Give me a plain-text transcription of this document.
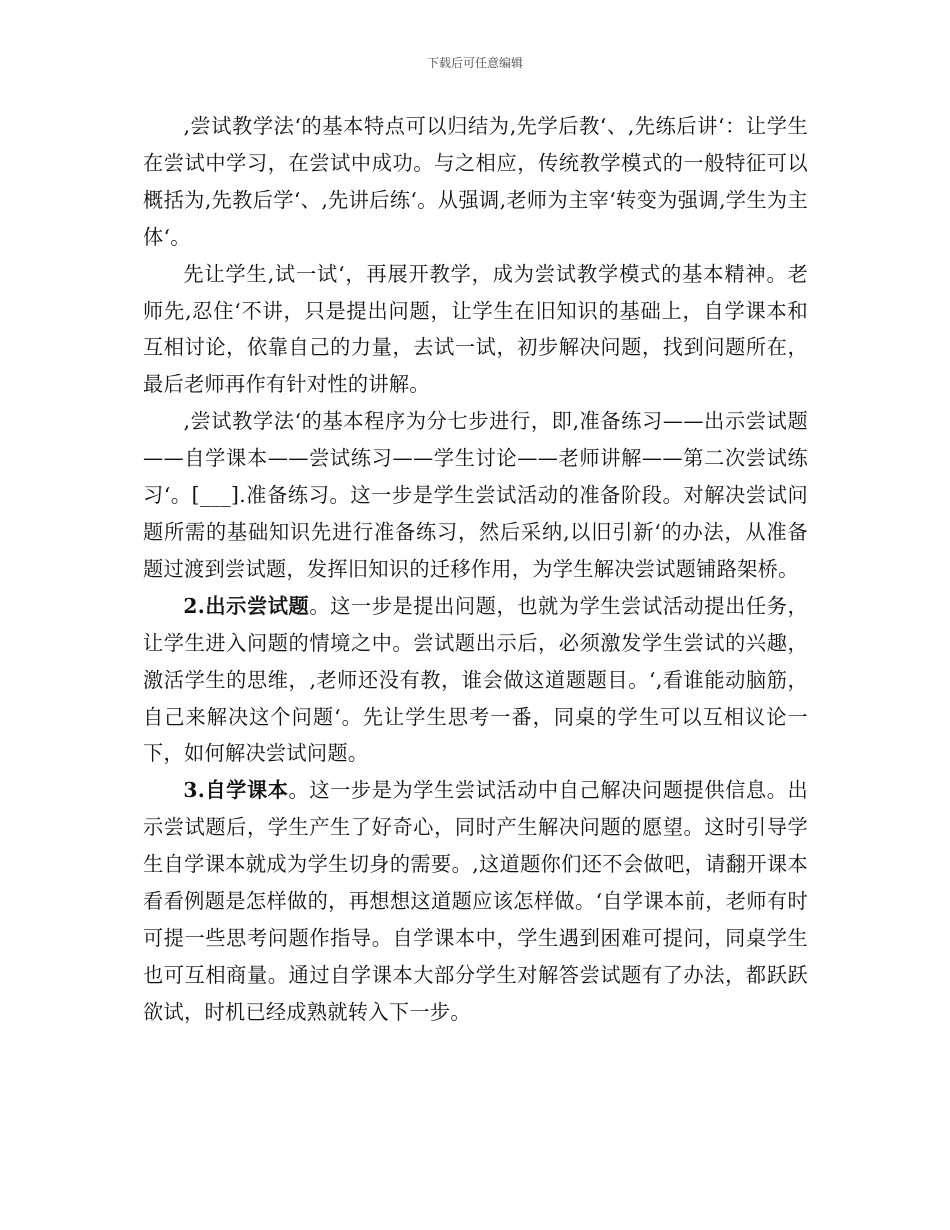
下载后可任意编辑

‚尝试教学法‘的基本特点可以归结为‚先学后教‘、‚先练后讲‘：让学生在尝试中学习，在尝试中成功。与之相应，传统教学模式的一般特征可以概括为‚先教后学‘、‚先讲后练‘。从强调‚老师为主宰‘转变为强调‚学生为主体‘。

先让学生‚试一试‘，再展开教学，成为尝试教学模式的基本精神。老师先‚忍住‘不讲，只是提出问题，让学生在旧知识的基础上，自学课本和互相讨论，依靠自己的力量，去试一试，初步解决问题，找到问题所在，最后老师再作有针对性的讲解。

‚尝试教学法‘的基本程序为分七步进行，即‚准备练习——出示尝试题——自学课本——尝试练习——学生讨论——老师讲解——第二次尝试练习‘。[___].准备练习。这一步是学生尝试活动的准备阶段。对解决尝试问题所需的基础知识先进行准备练习，然后采纳‚以旧引新‘的办法，从准备题过渡到尝试题，发挥旧知识的迁移作用，为学生解决尝试题铺路架桥。

2.出示尝试题。这一步是提出问题，也就为学生尝试活动提出任务，让学生进入问题的情境之中。尝试题出示后，必须激发学生尝试的兴趣，激活学生的思维，‚老师还没有教，谁会做这道题题目。‘‚看谁能动脑筋，自己来解决这个问题‘。先让学生思考一番，同桌的学生可以互相议论一下，如何解决尝试问题。

3.自学课本。这一步是为学生尝试活动中自己解决问题提供信息。出示尝试题后，学生产生了好奇心，同时产生解决问题的愿望。这时引导学生自学课本就成为学生切身的需要。‚这道题你们还不会做吧，请翻开课本看看例题是怎样做的，再想想这道题应该怎样做。‘自学课本前，老师有时可提一些思考问题作指导。自学课本中，学生遇到困难可提问，同桌学生也可互相商量。通过自学课本大部分学生对解答尝试题有了办法，都跃跃欲试，时机已经成熟就转入下一步。
